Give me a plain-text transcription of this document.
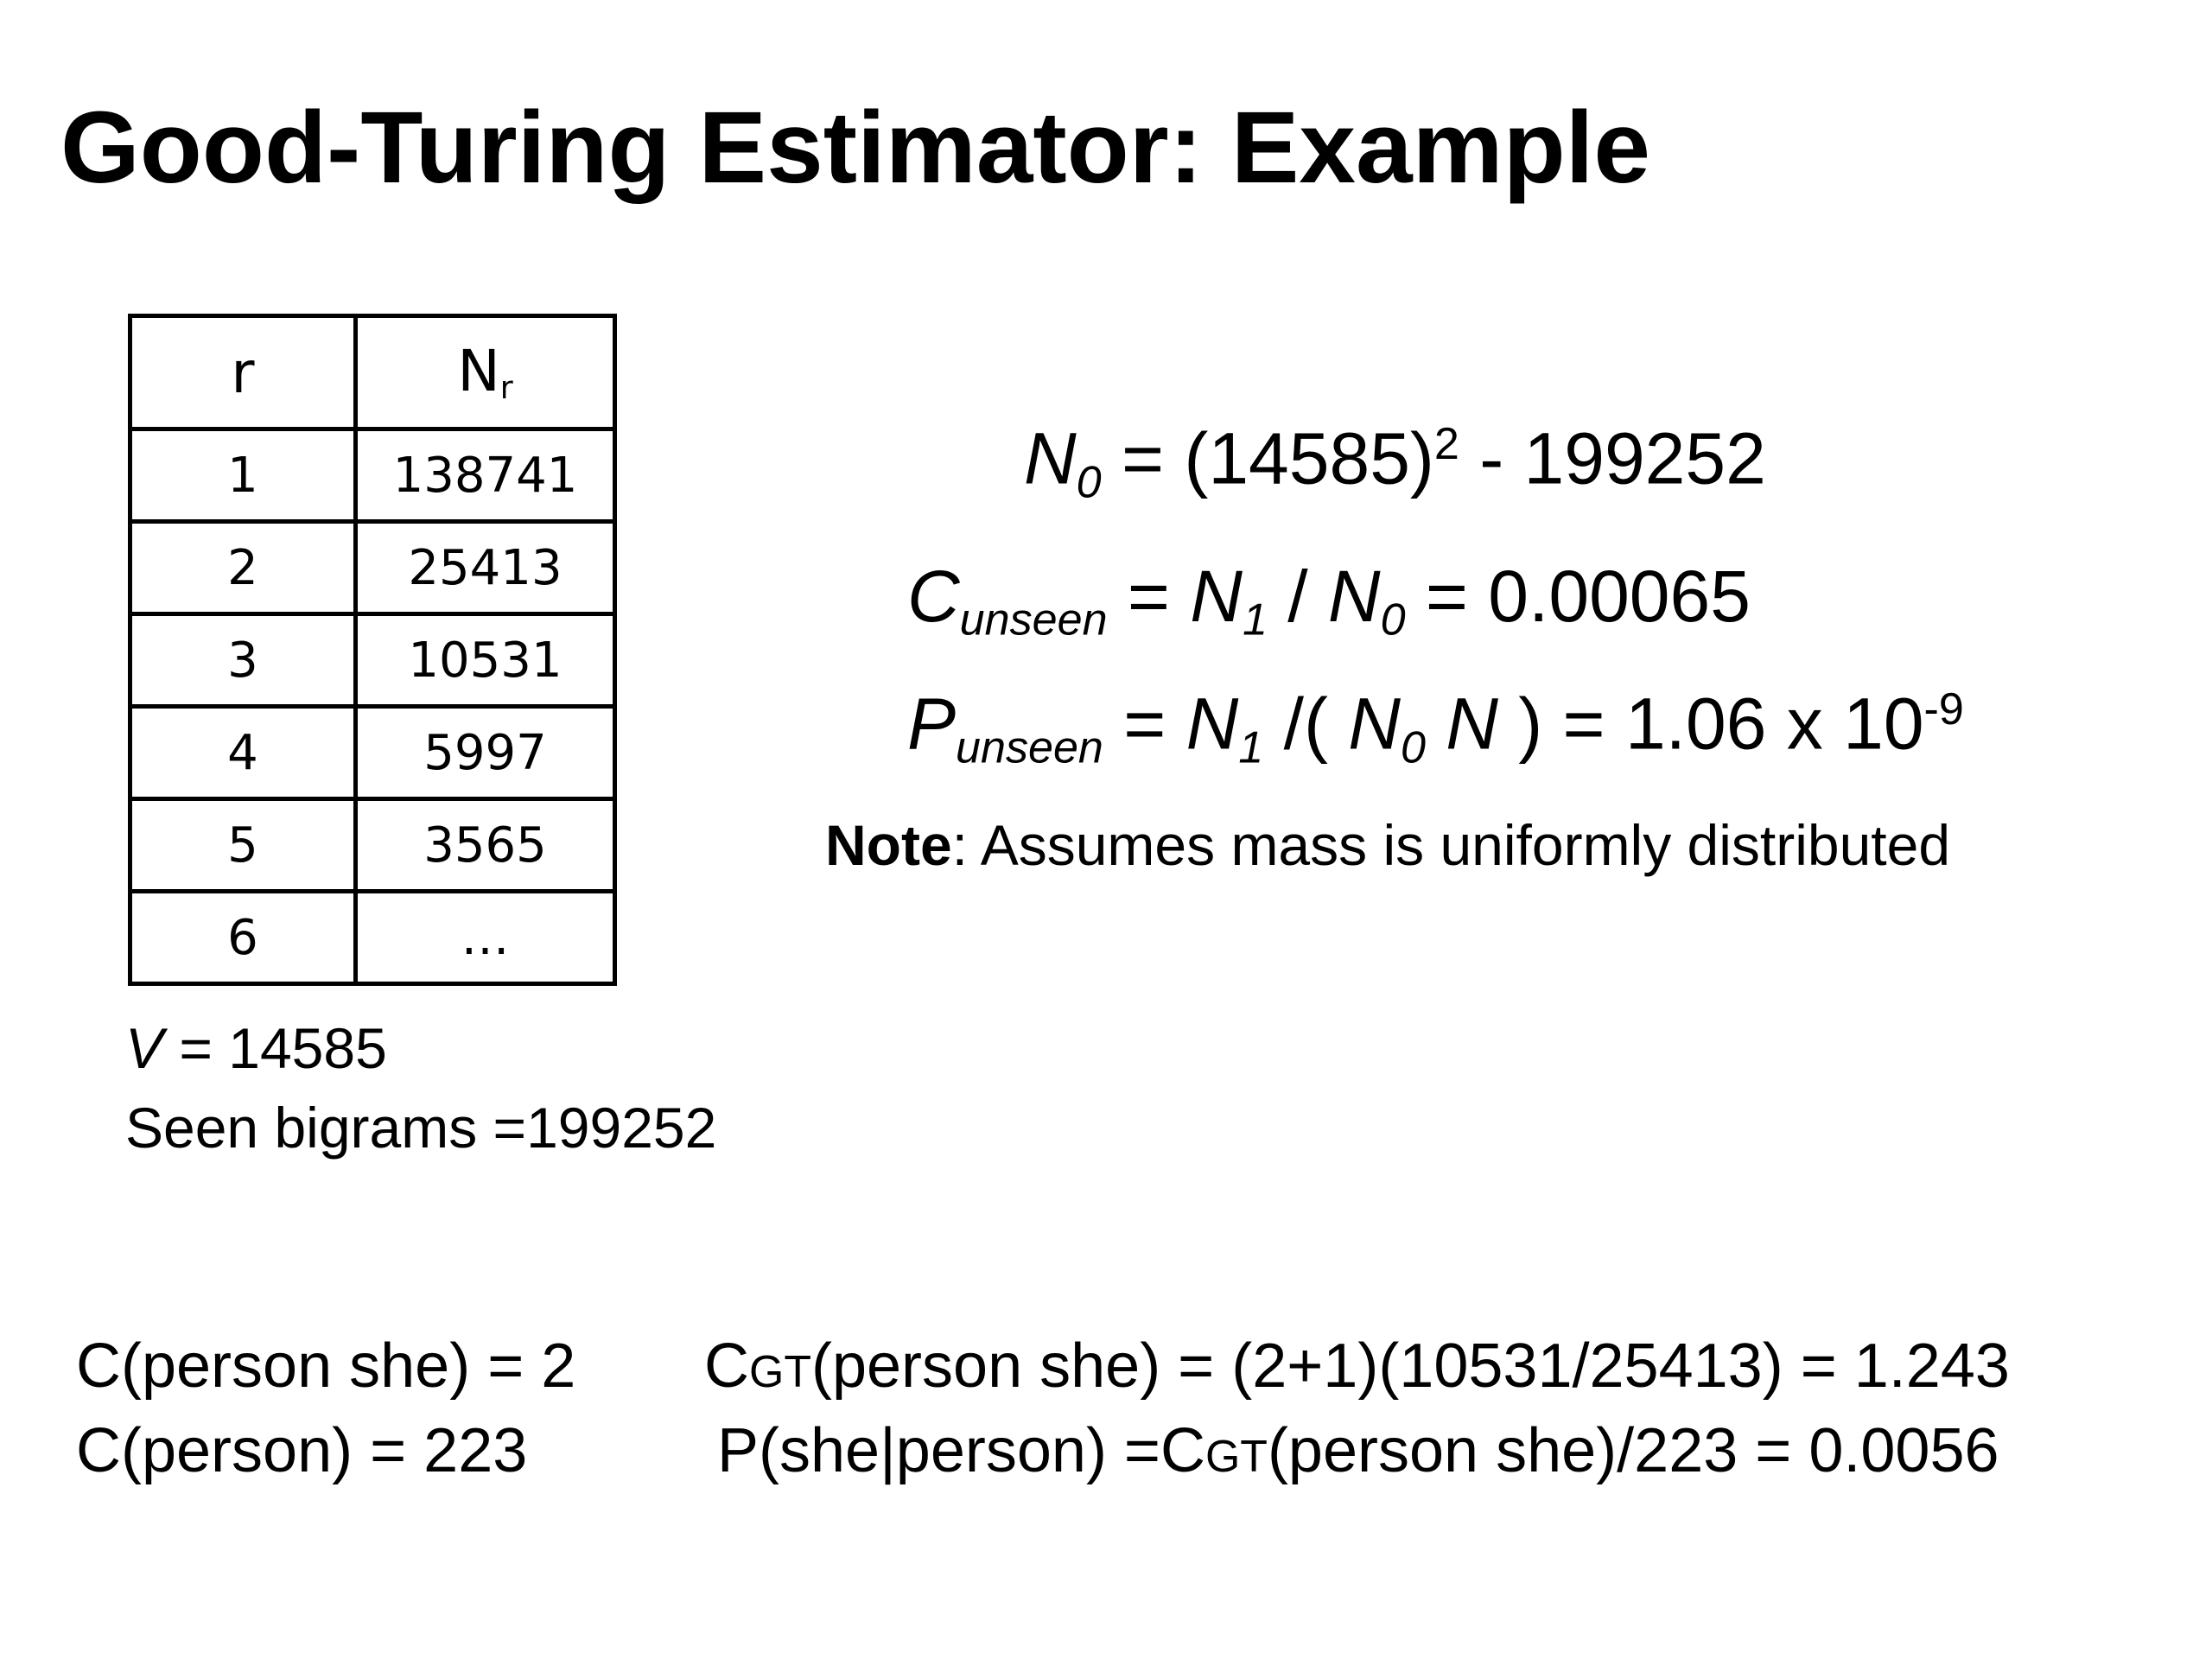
Good-Turing Estimator: Example
r	$N_r$
1	138741
2	25413
3	10531
4	5997
5	3565
6	…
V = 14585
Seen bigrams =199252
$N0 = (14585)^2 - 199252$
Cunseen = N1 / N0 = 0.00065
Punseen = N1 /( N0 N ) = 1.06 x $10^{-9}$
Note: Assumes mass is uniformly distributed
C(person she) = 2
C(person) = 223
CGT(person she) = (2+1)(10531/25413) = 1.243
P(she|person) =CGT(person she)/223 = 0.0056
